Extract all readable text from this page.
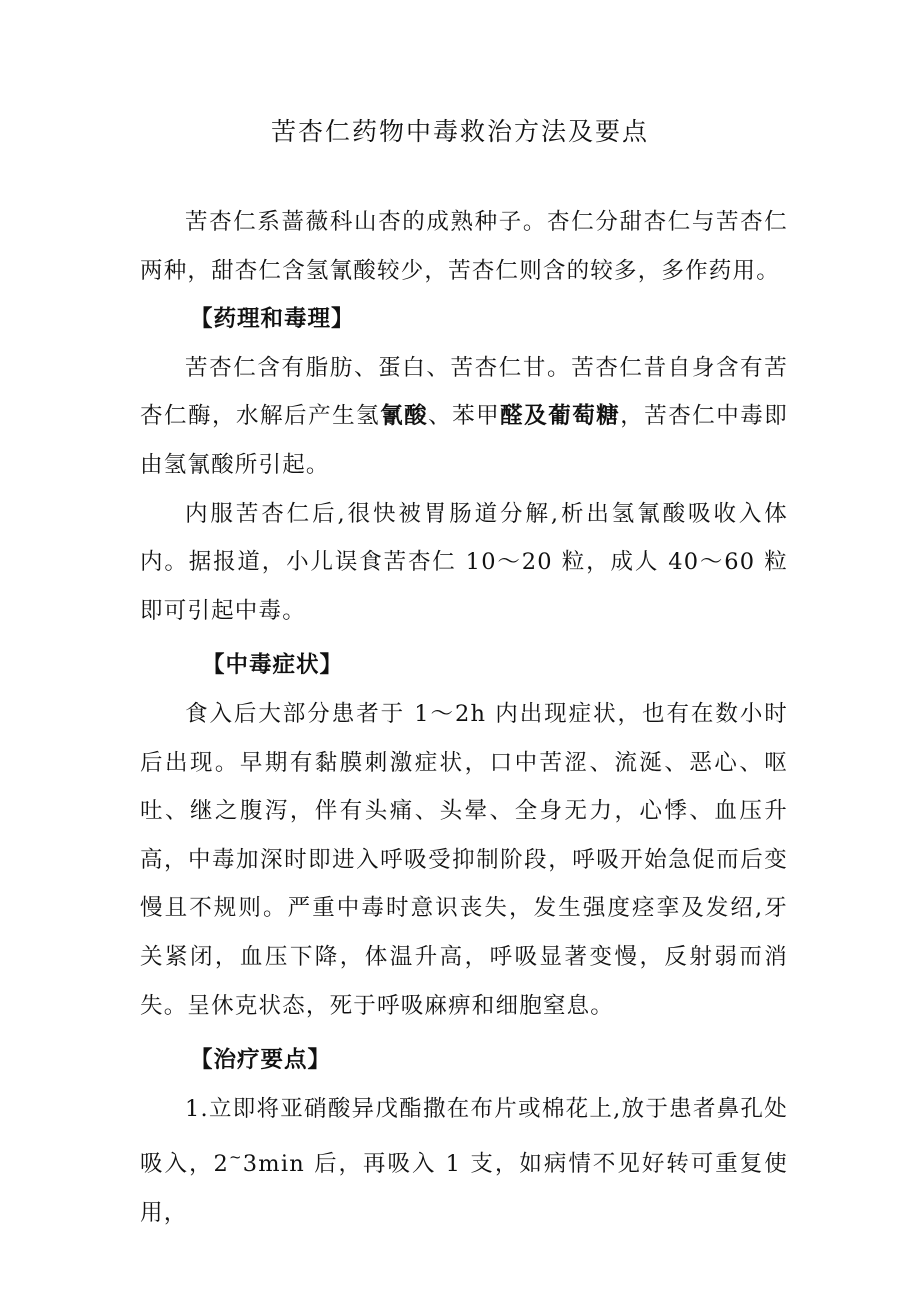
苦杏仁药物中毒救治方法及要点

苦杏仁系蔷薇科山杏的成熟种子。杏仁分甜杏仁与苦杏仁两种，甜杏仁含氢氰酸较少，苦杏仁则含的较多，多作药用。

【药理和毒理】

苦杏仁含有脂肪、蛋白、苦杏仁甘。苦杏仁昔自身含有苦杏仁酶，水解后产生氢氰酸、苯甲醛及葡萄糖，苦杏仁中毒即由氢氰酸所引起。

内服苦杏仁后,很快被胃肠道分解,析出氢氰酸吸收入体内。据报道，小儿误食苦杏仁 10～20 粒，成人 40～60 粒即可引起中毒。

【中毒症状】

食入后大部分患者于 1～2h 内出现症状，也有在数小时后出现。早期有黏膜刺激症状，口中苦涩、流涎、恶心、呕吐、继之腹泻，伴有头痛、头晕、全身无力，心悸、血压升高，中毒加深时即进入呼吸受抑制阶段，呼吸开始急促而后变慢且不规则。严重中毒时意识丧失，发生强度痉挛及发绍,牙关紧闭，血压下降，体温升高，呼吸显著变慢，反射弱而消失。呈休克状态，死于呼吸麻痹和细胞窒息。

【治疗要点】

1.立即将亚硝酸异戊酯撒在布片或棉花上,放于患者鼻孔处吸入，2~3min 后，再吸入 1 支，如病情不见好转可重复使用，
